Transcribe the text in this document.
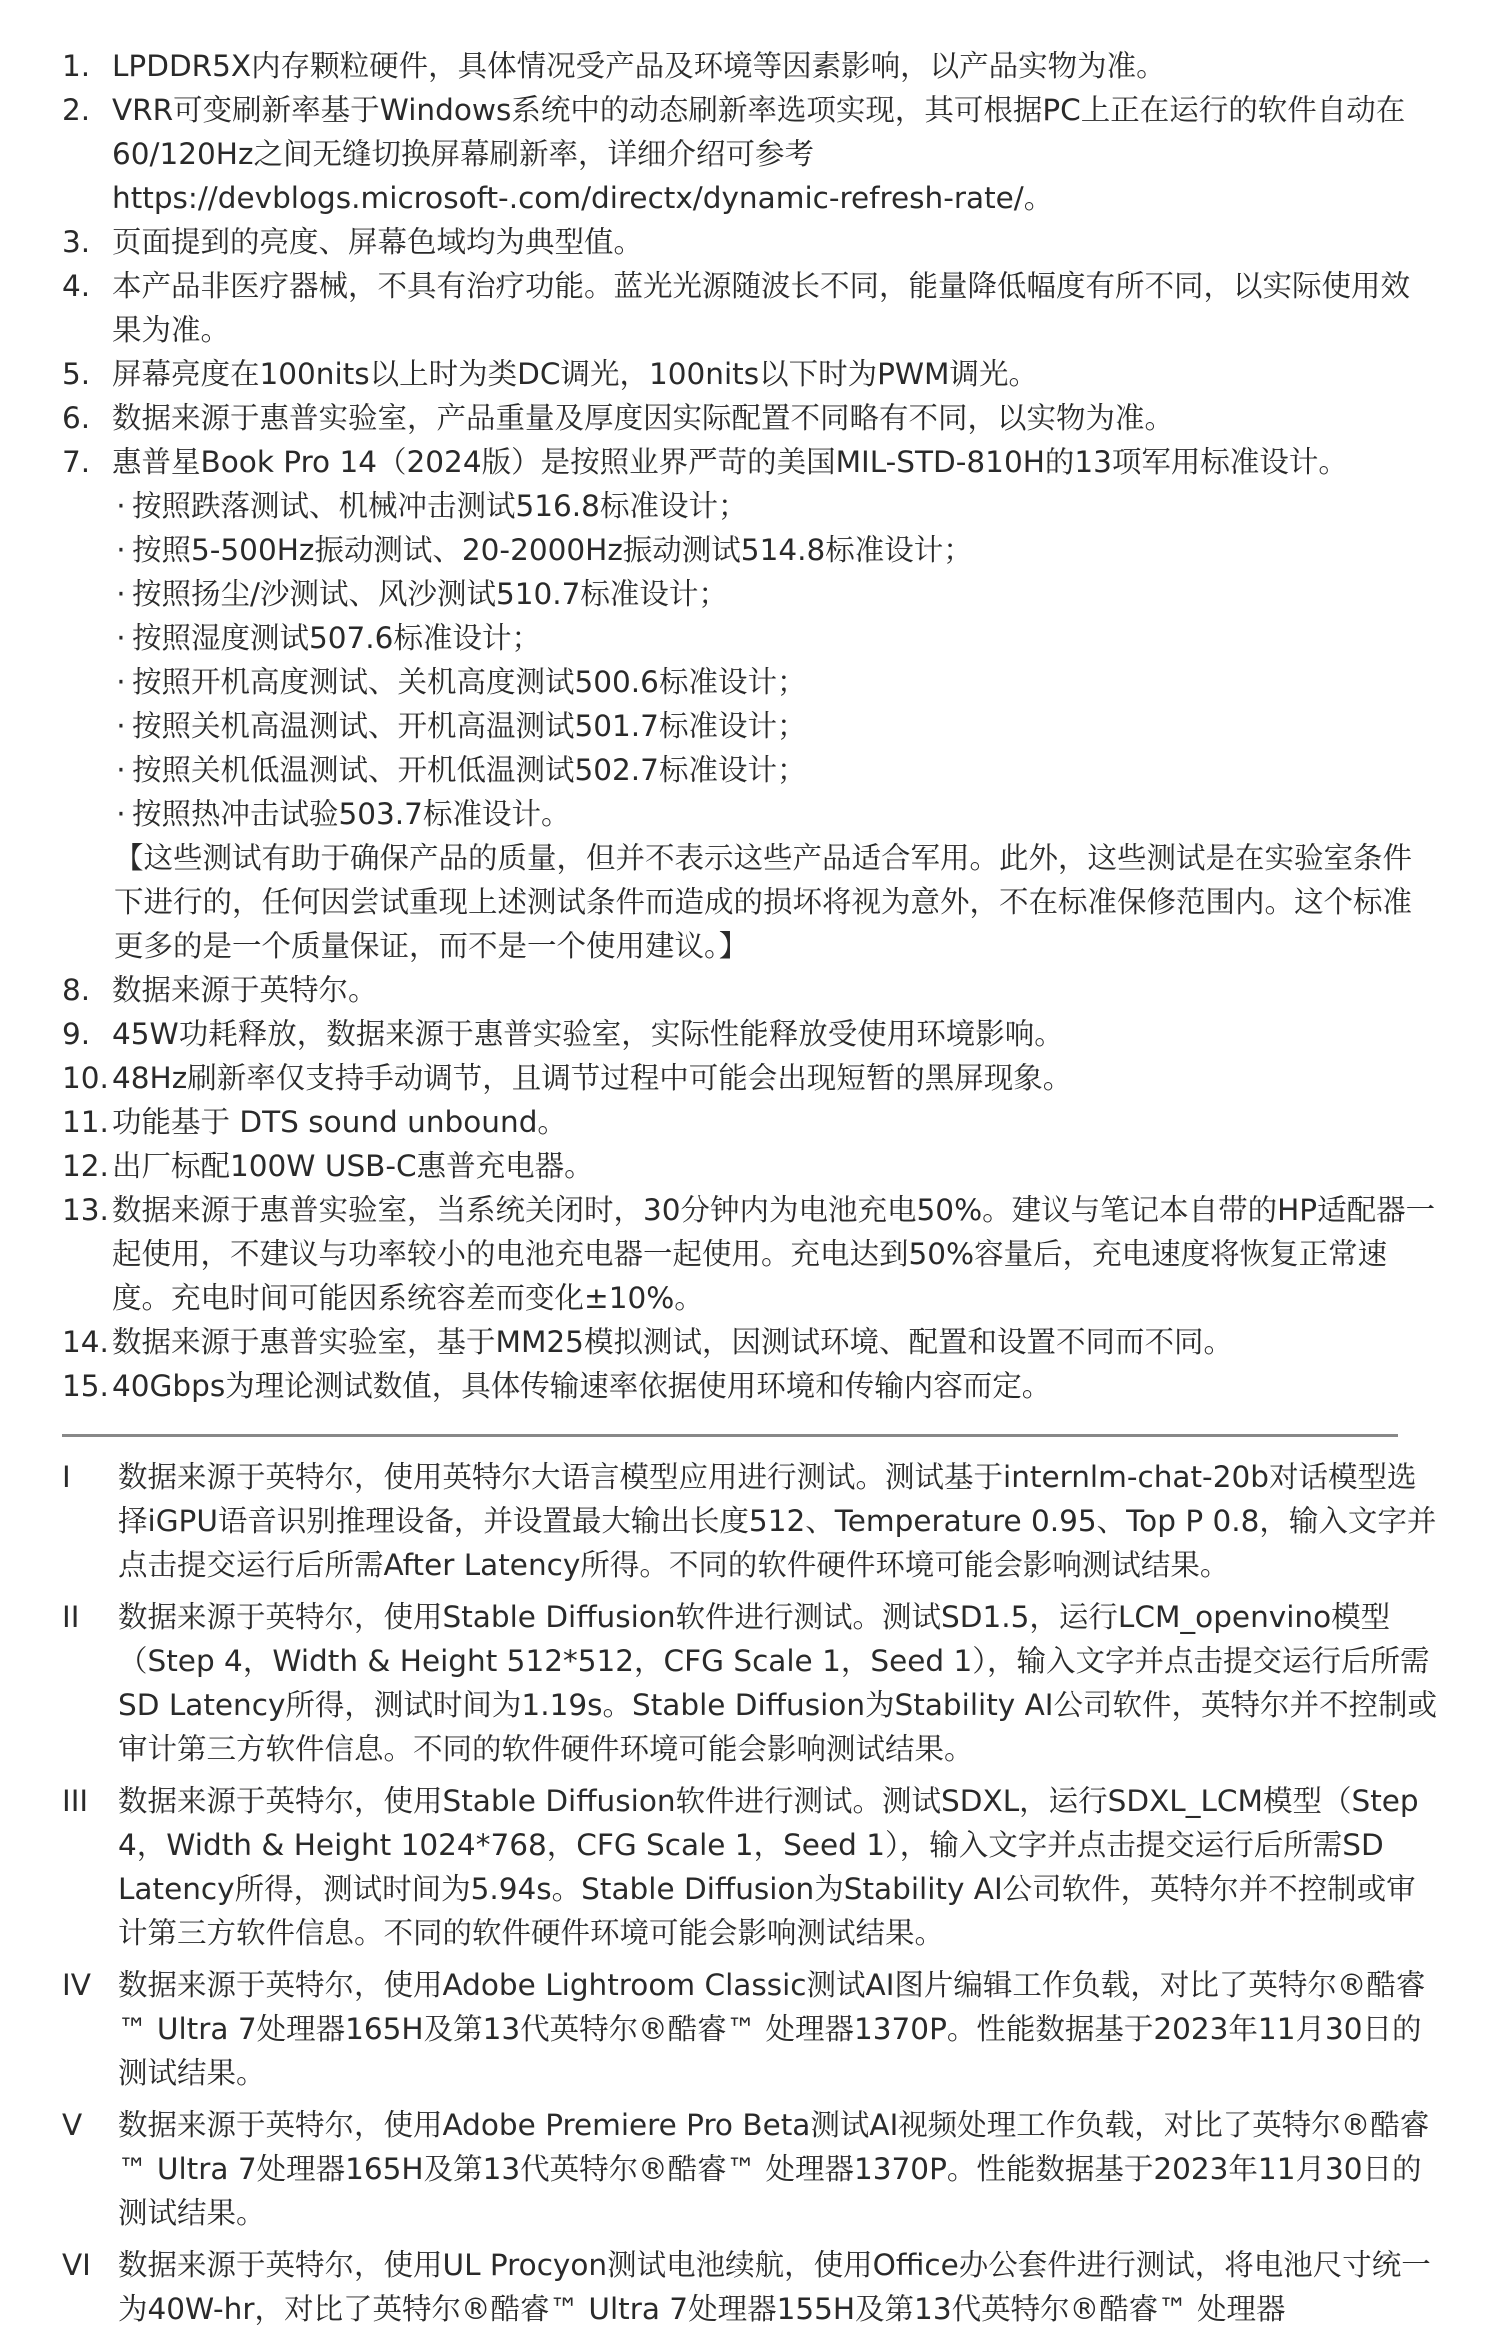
1. LPDDR5X内存颗粒硬件，具体情况受产品及环境等因素影响，以产品实物为准。
2. VRR可变刷新率基于Windows系统中的动态刷新率选项实现，其可根据PC上正在运行的软件自动在60/120Hz之间无缝切换屏幕刷新率，详细介绍可参考https://devblogs.microsoft-.com/directx/dynamic-refresh-rate/。
3. 页面提到的亮度、屏幕色域均为典型值。
4. 本产品非医疗器械，不具有治疗功能。蓝光光源随波长不同，能量降低幅度有所不同，以实际使用效果为准。
5. 屏幕亮度在100nits以上时为类DC调光，100nits以下时为PWM调光。
6. 数据来源于惠普实验室，产品重量及厚度因实际配置不同略有不同，以实物为准。
7. 惠普星Book Pro 14（2024版）是按照业界严苛的美国MIL-STD-810H的13项军用标准设计。
· 按照跌落测试、机械冲击测试516.8标准设计；
· 按照5-500Hz振动测试、20-2000Hz振动测试514.8标准设计；
· 按照扬尘/沙测试、风沙测试510.7标准设计；
· 按照湿度测试507.6标准设计；
· 按照开机高度测试、关机高度测试500.6标准设计；
· 按照关机高温测试、开机高温测试501.7标准设计；
· 按照关机低温测试、开机低温测试502.7标准设计；
· 按照热冲击试验503.7标准设计。
【这些测试有助于确保产品的质量，但并不表示这些产品适合军用。此外，这些测试是在实验室条件下进行的，任何因尝试重现上述测试条件而造成的损坏将视为意外，不在标准保修范围内。这个标准更多的是一个质量保证，而不是一个使用建议。】
8. 数据来源于英特尔。
9. 45W功耗释放，数据来源于惠普实验室，实际性能释放受使用环境影响。
10. 48Hz刷新率仅支持手动调节，且调节过程中可能会出现短暂的黑屏现象。
11. 功能基于 DTS sound unbound。
12. 出厂标配100W USB-C惠普充电器。
13. 数据来源于惠普实验室，当系统关闭时，30分钟内为电池充电50%。建议与笔记本自带的HP适配器一起使用，不建议与功率较小的电池充电器一起使用。充电达到50%容量后，充电速度将恢复正常速度。充电时间可能因系统容差而变化±10%。
14. 数据来源于惠普实验室，基于MM25模拟测试，因测试环境、配置和设置不同而不同。
15. 40Gbps为理论测试数值，具体传输速率依据使用环境和传输内容而定。
I	数据来源于英特尔，使用英特尔大语言模型应用进行测试。测试基于internlm-chat-20b对话模型选择iGPU语音识别推理设备，并设置最大输出长度512、Temperature 0.95、Top P 0.8，输入文字并点击提交运行后所需After Latency所得。不同的软件硬件环境可能会影响测试结果。
II	数据来源于英特尔，使用Stable Diffusion软件进行测试。测试SD1.5，运行LCM_openvino模型（Step 4，Width & Height 512*512，CFG Scale 1，Seed 1），输入文字并点击提交运行后所需SD Latency所得，测试时间为1.19s。Stable Diffusion为Stability AI公司软件，英特尔并不控制或审计第三方软件信息。不同的软件硬件环境可能会影响测试结果。
III	数据来源于英特尔，使用Stable Diffusion软件进行测试。测试SDXL，运行SDXL_LCM模型（Step 4，Width & Height 1024*768，CFG Scale 1，Seed 1），输入文字并点击提交运行后所需SD Latency所得，测试时间为5.94s。Stable Diffusion为Stability AI公司软件，英特尔并不控制或审计第三方软件信息。不同的软件硬件环境可能会影响测试结果。
IV 数据来源于英特尔，使用Adobe Lightroom Classic测试AI图片编辑工作负载，对比了英特尔®酷睿™ Ultra 7处理器165H及第13代英特尔®酷睿™ 处理器1370P。性能数据基于2023年11月30日的测试结果。
V	数据来源于英特尔，使用Adobe Premiere Pro Beta测试AI视频处理工作负载，对比了英特尔®酷睿™ Ultra 7处理器165H及第13代英特尔®酷睿™ 处理器1370P。性能数据基于2023年11月30日的测试结果。
VI 数据来源于英特尔，使用UL Procyon测试电池续航，使用Office办公套件进行测试，将电池尺寸统一为40W-hr，对比了英特尔®酷睿™ Ultra 7处理器155H及第13代英特尔®酷睿™ 处理器
